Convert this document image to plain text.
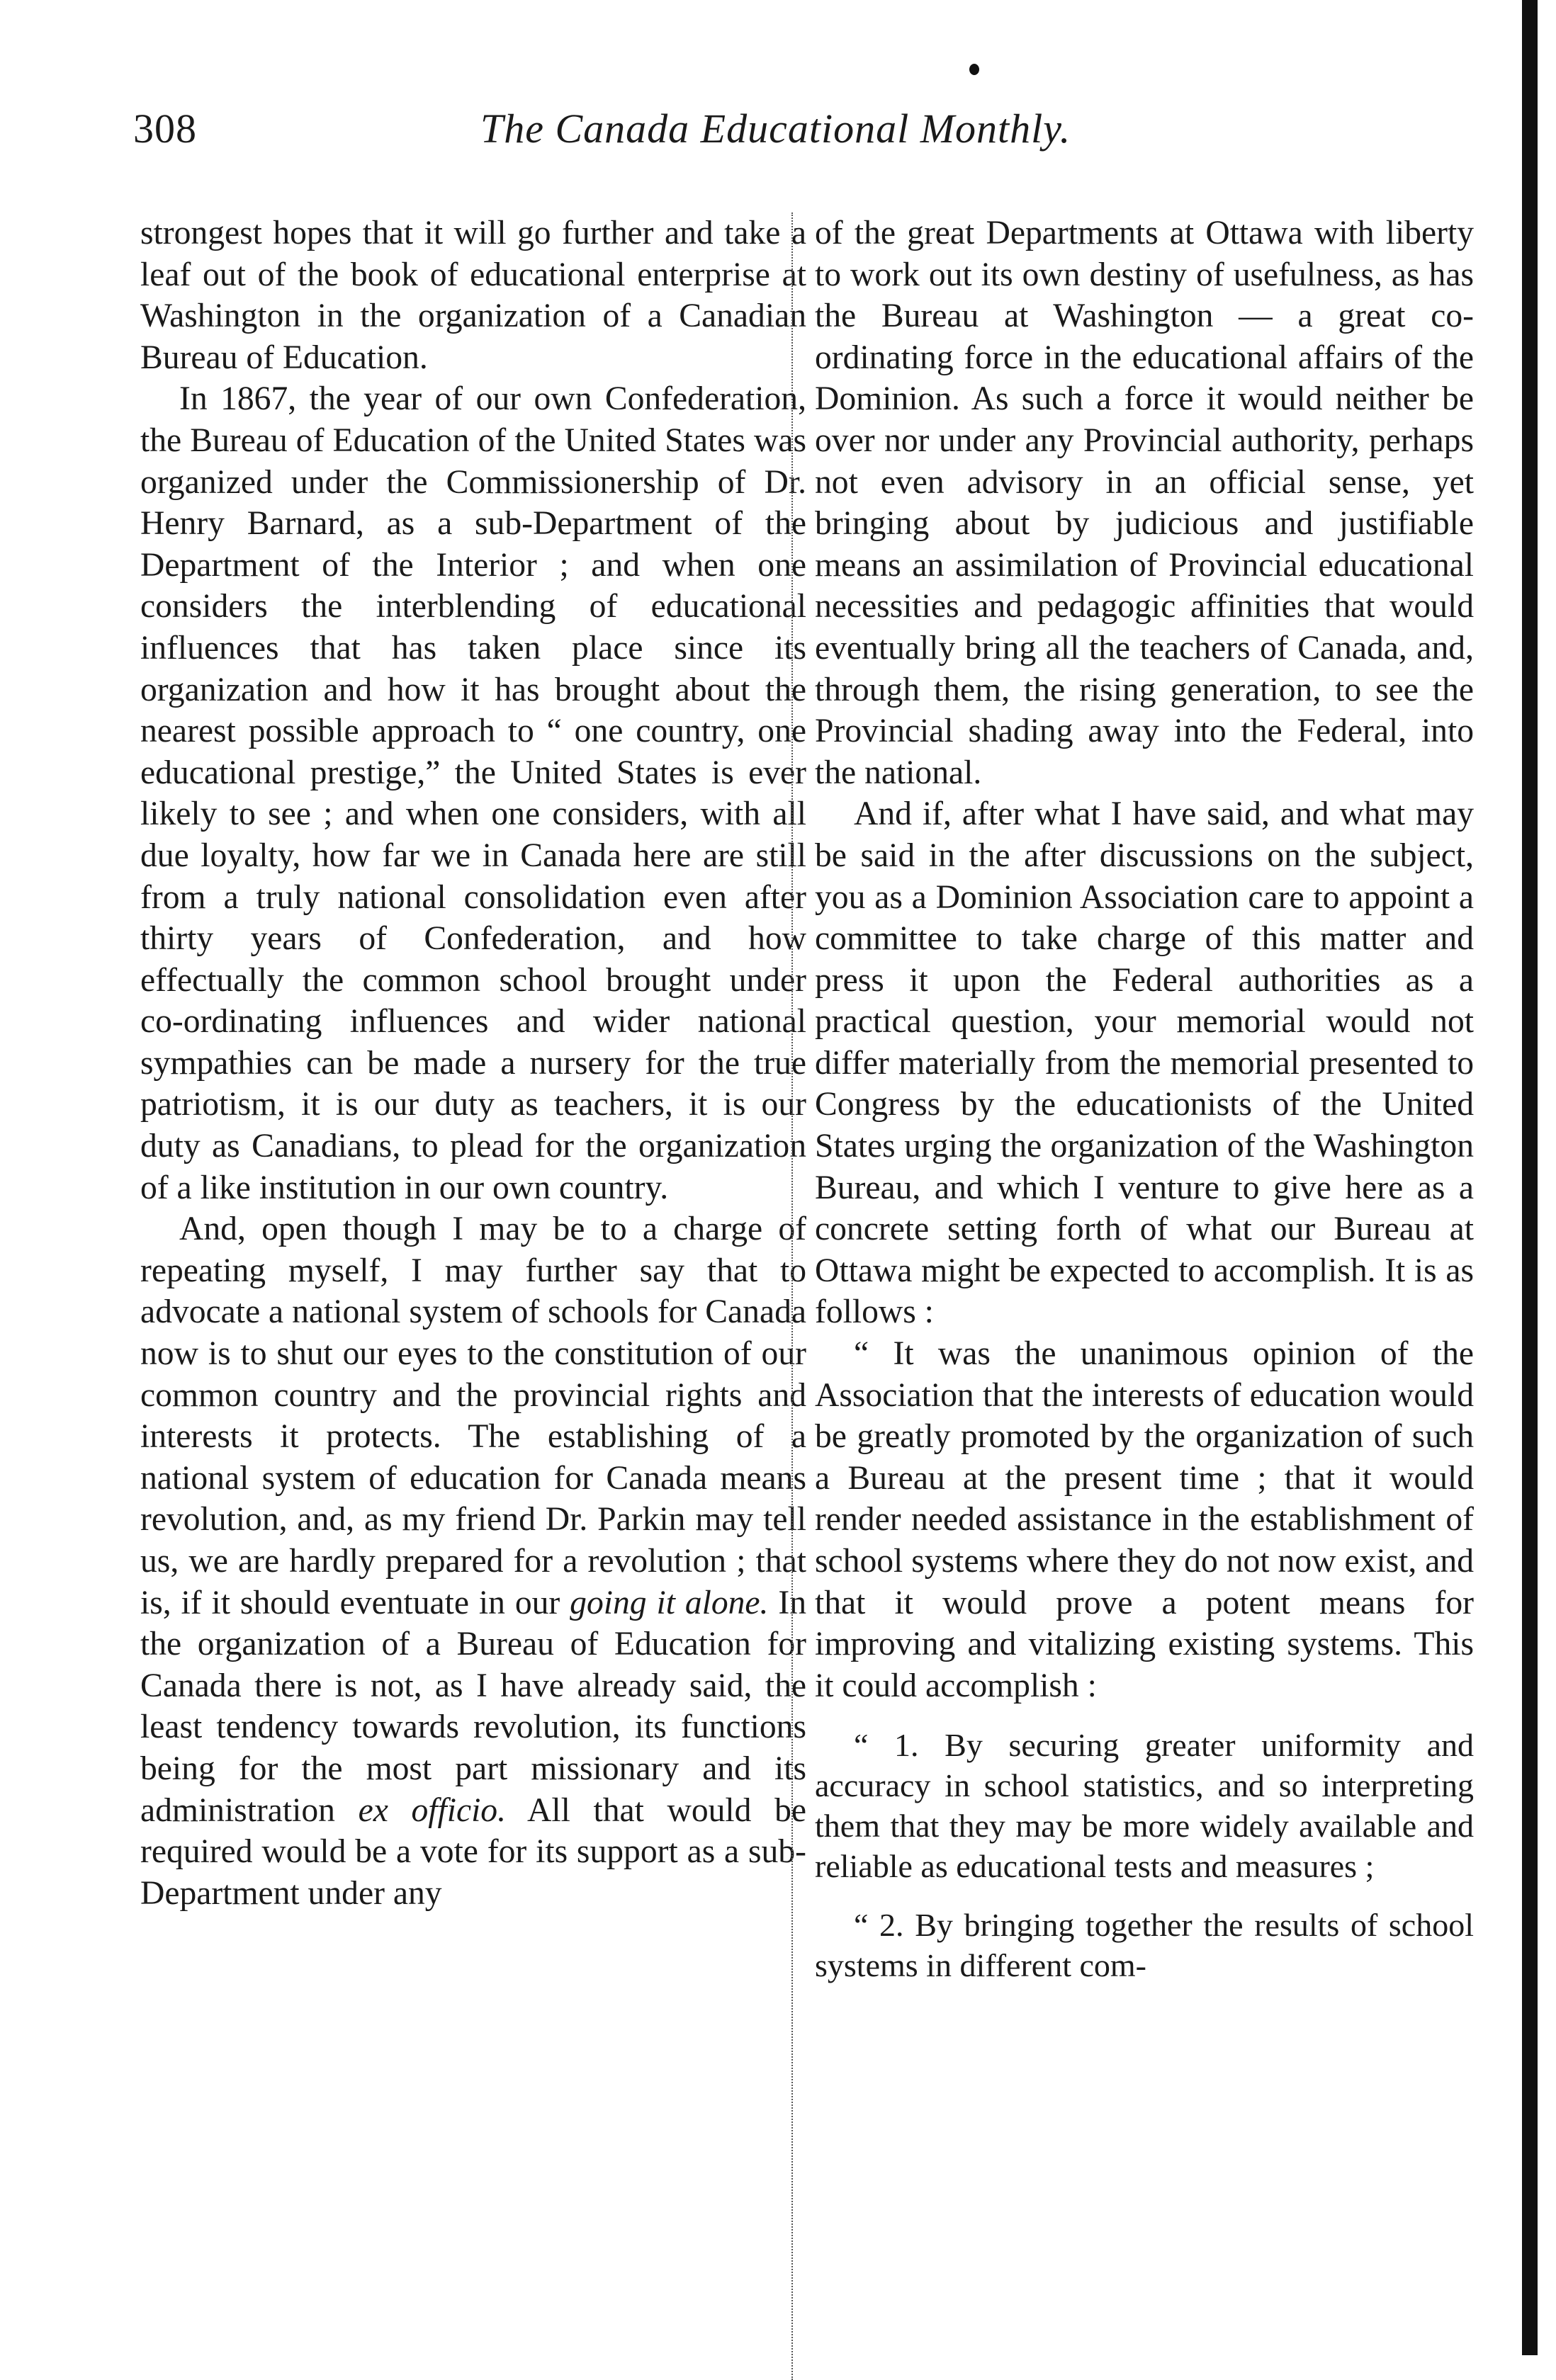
308	The Canada Educational Monthly.

strongest hopes that it will go further and take a leaf out of the book of educational enterprise at Washington in the organization of a Canadian Bureau of Education.

In 1867, the year of our own Confederation, the Bureau of Education of the United States was organized under the Commissionership of Dr. Henry Barnard, as a sub-Department of the Department of the Interior ; and when one considers the interblending of educational influences that has taken place since its organization and how it has brought about the nearest possible approach to “ one country, one educational prestige,” the United States is ever likely to see ; and when one considers, with all due loyalty, how far we in Canada here are still from a truly national consolidation even after thirty years of Confederation, and how effectually the common school brought under co-ordinating influences and wider national sympathies can be made a nursery for the true patriotism, it is our duty as teachers, it is our duty as Canadians, to plead for the organization of a like institution in our own country.

And, open though I may be to a charge of repeating myself, I may further say that to advocate a national system of schools for Canada now is to shut our eyes to the constitution of our common country and the provincial rights and interests it protects. The establishing of a national system of education for Canada means revolution, and, as my friend Dr. Parkin may tell us, we are hardly prepared for a revolution ; that is, if it should eventuate in our going it alone. In the organization of a Bureau of Education for Canada there is not, as I have already said, the least tendency towards revolution, its functions being for the most part missionary and its administration ex officio. All that would be required would be a vote for its support as a sub-Department under any

of the great Departments at Ottawa with liberty to work out its own destiny of usefulness, as has the Bureau at Washington — a great co-ordinating force in the educational affairs of the Dominion. As such a force it would neither be over nor under any Provincial authority, perhaps not even advisory in an official sense, yet bringing about by judicious and justifiable means an assimilation of Provincial educational necessities and pedagogic affinities that would eventually bring all the teachers of Canada, and, through them, the rising generation, to see the Provincial shading away into the Federal, into the national.

And if, after what I have said, and what may be said in the after discussions on the subject, you as a Dominion Association care to appoint a committee to take charge of this matter and press it upon the Federal authorities as a practical question, your memorial would not differ materially from the memorial presented to Congress by the educationists of the United States urging the organization of the Washington Bureau, and which I venture to give here as a concrete setting forth of what our Bureau at Ottawa might be expected to accomplish. It is as follows :

“ It was the unanimous opinion of the Association that the interests of education would be greatly promoted by the organization of such a Bureau at the present time ; that it would render needed assistance in the establishment of school systems where they do not now exist, and that it would prove a potent means for improving and vitalizing existing systems. This it could accomplish :

“ 1. By securing greater uniformity and accuracy in school statistics, and so interpreting them that they may be more widely available and reliable as educational tests and measures ;

“ 2. By bringing together the results of school systems in different com-
